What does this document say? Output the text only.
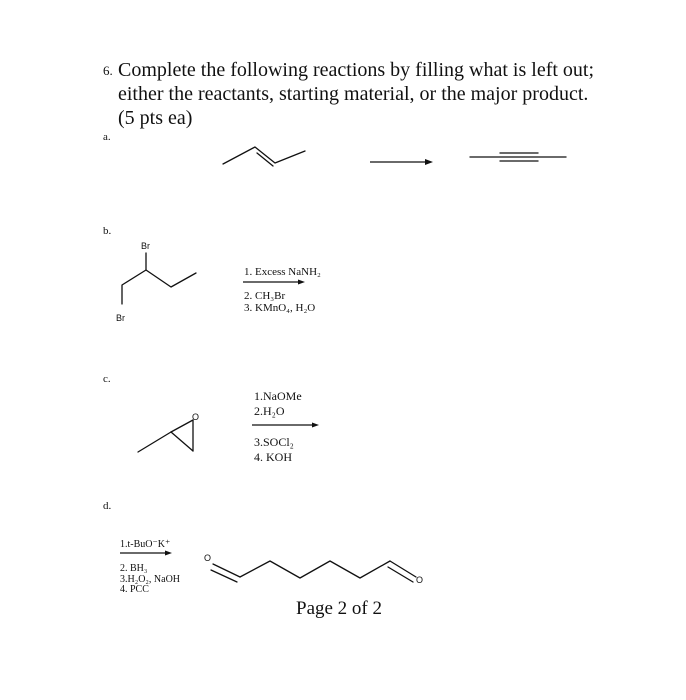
6. Complete the following reactions by filling what is left out;
either the reactants, starting material, or the major product.
(5 pts ea)
a.
b.
c.
d.
Br
Br
1. Excess NaNH₂
2. CH₃Br
3. KMnO₄, H₂O
O
1.NaOMe
2.H₂O
3.SOCl₂
4. KOH
1.t-BuO⁻K⁺
2. BH₃
3.H₂O₂, NaOH
4. PCC
O
O
Page 2 of 2
